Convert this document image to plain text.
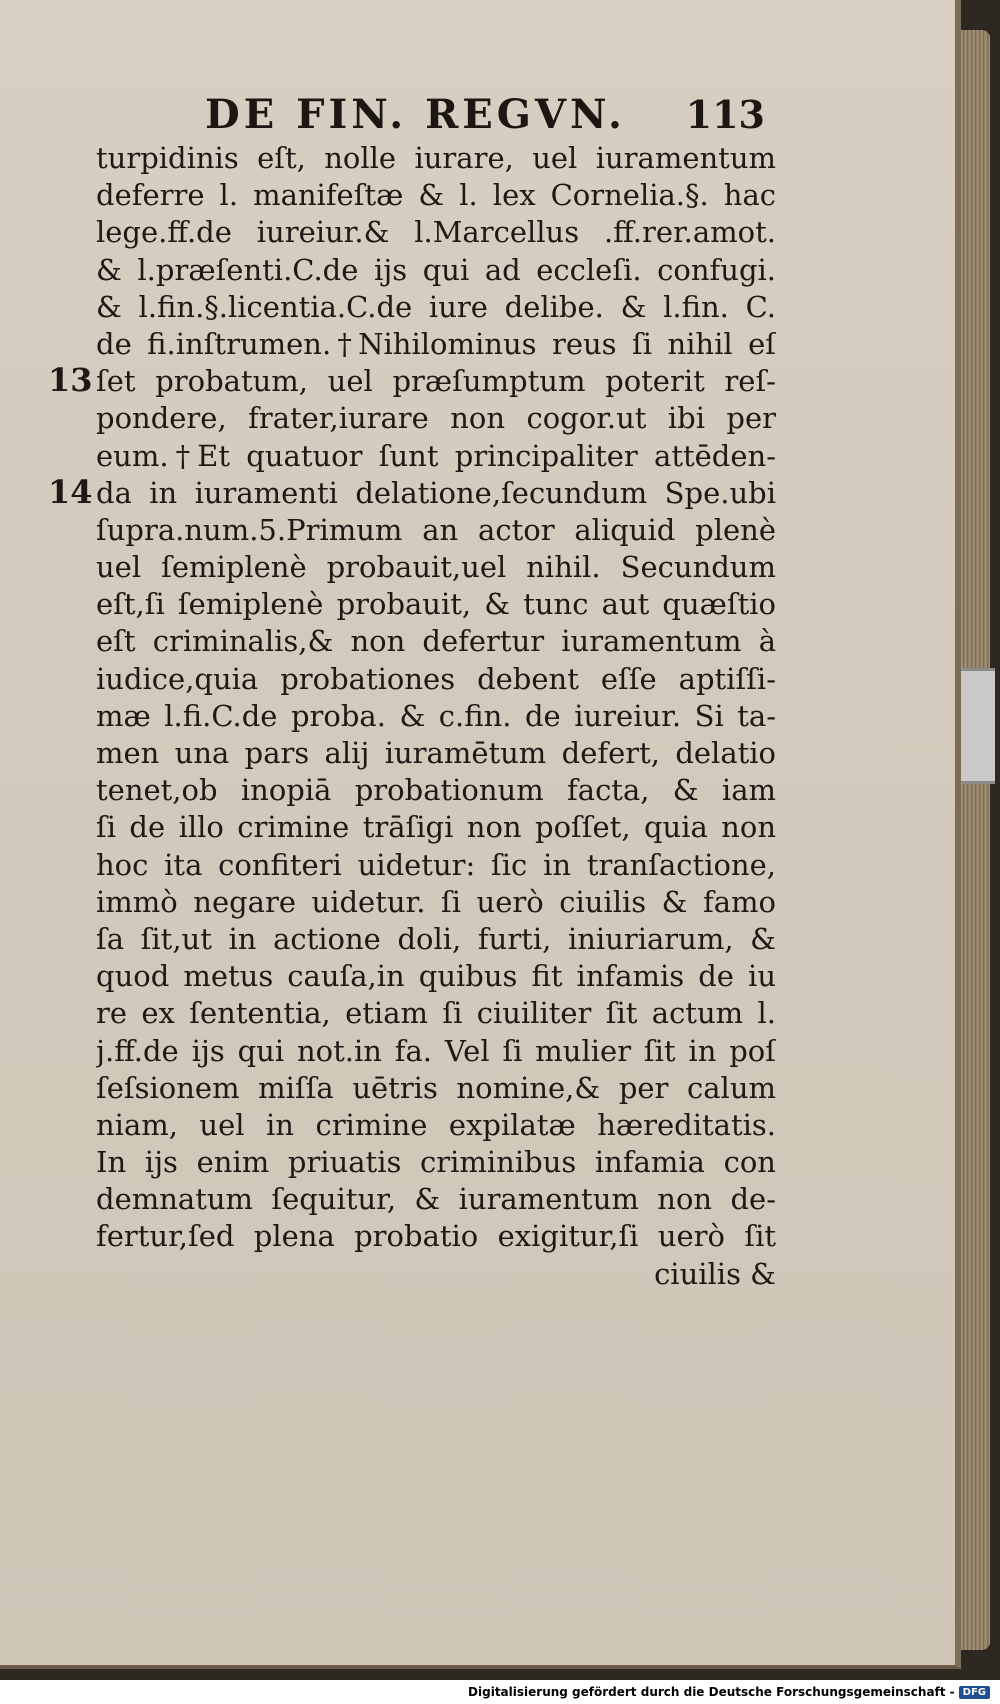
DE FIN. REGVN. 113
turpidinis eſt, nolle iurare, uel iuramentum
deferre l. manifeſtæ & l. lex Cornelia.§. hac
lege.ff.de iureiur.& l.Marcellus .ff.rer.amot.
& l.præſenti.C.de ijs qui ad eccleſi. confugi.
& l.fin.§.licentia.C.de iure delibe. & l.fin. C.
de fi.inſtrumen.†Nihilominus reus ſi nihil eſ
ſet probatum, uel præſumptum poterit reſ-
pondere, frater,iurare non cogor.ut ibi per
eum.†Et quatuor ſunt principaliter attēden-
da in iuramenti delatione,ſecundum Spe.ubi
ſupra.num.5.Primum an actor aliquid plenè
uel ſemiplenè probauit,uel nihil. Secundum
eſt,ſi ſemiplenè probauit, & tunc aut quæſtio
eſt criminalis,& non defertur iuramentum à
iudice,quia probationes debent eſſe aptiſſi-
mæ l.fi.C.de proba. & c.fin. de iureiur. Si ta-
men una pars alij iuramētum defert, delatio
tenet,ob inopiā probationum facta, & iam
ſi de illo crimine trāſigi non poſſet, quia non
hoc ita confiteri uidetur: ſic in tranſactione,
immò negare uidetur. ſi uerò ciuilis & famo
ſa ſit,ut in actione doli, furti, iniuriarum, &
quod metus cauſa,in quibus fit infamis de iu
re ex ſententia, etiam ſi ciuiliter ſit actum l.
j.ff.de ijs qui not.in fa. Vel ſi mulier ſit in poſ
ſeſsionem miſſa uētris nomine,& per calum
niam, uel in crimine expilatæ hæreditatis.
In ijs enim priuatis criminibus infamia con
demnatum ſequitur, & iuramentum non de-
fertur,ſed plena probatio exigitur,ſi uerò ſit
ciuilis &
13
14
Digitalisierung gefördert durch die Deutsche Forschungsgemeinschaft - DFG
